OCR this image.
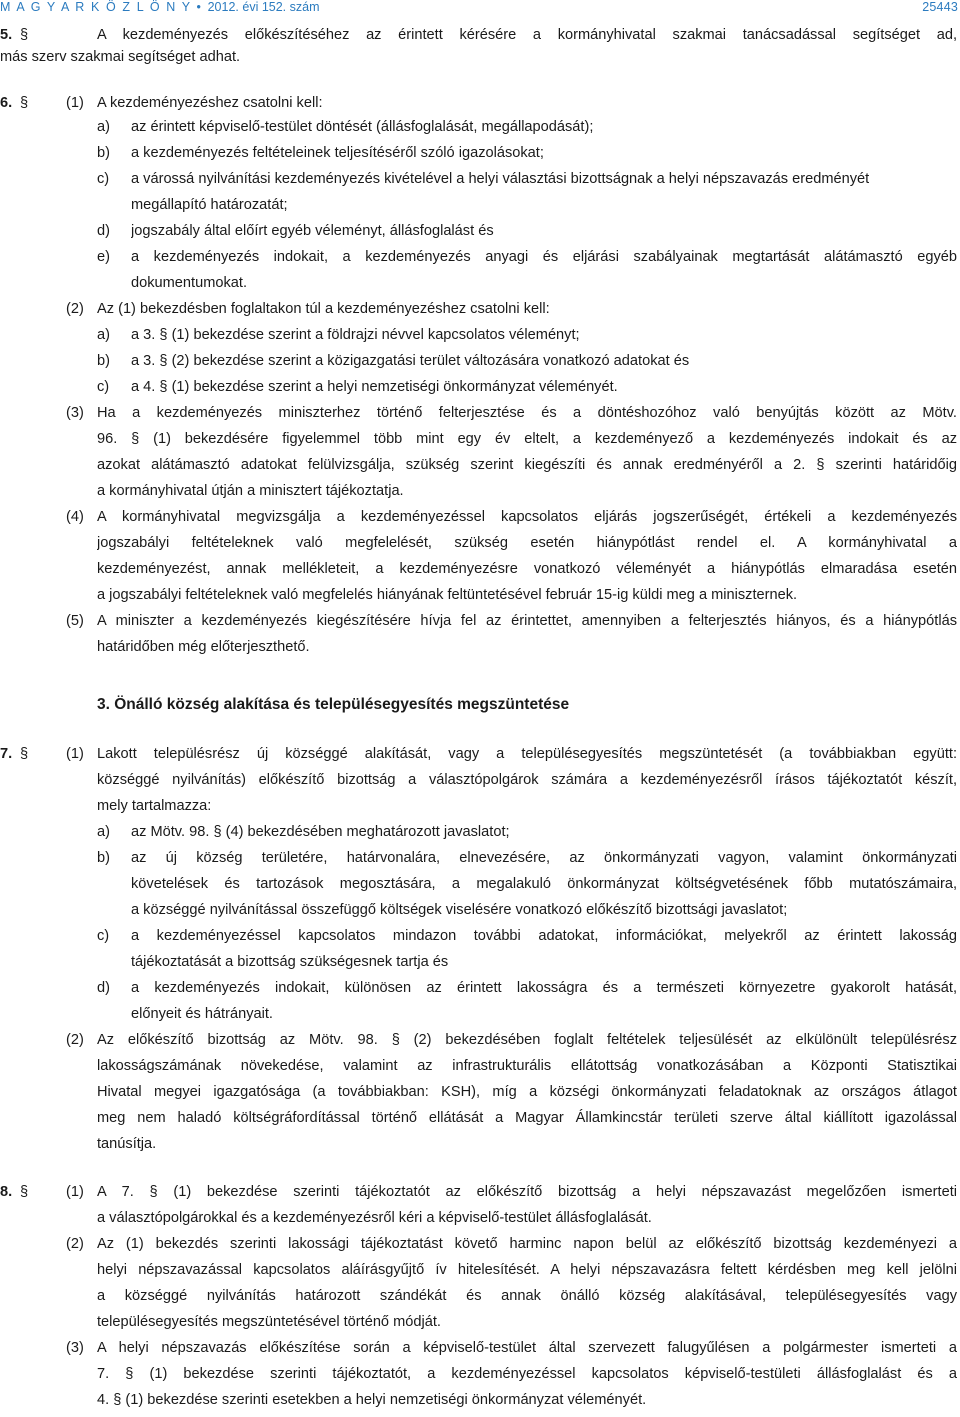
M A G Y A R K Ö Z L Ö N Y • 2012. évi 152. szám	25443
5. §	A kezdeményezés előkészítéséhez az érintett kérésére a kormányhivatal szakmai tanácsadással segítséget ad,
más szerv szakmai segítséget adhat.
6. §	(1) A kezdeményezéshez csatolni kell:
a) az érintett képviselő-testület döntését (állásfoglalását, megállapodását);
b) a kezdeményezés feltételeinek teljesítéséről szóló igazolásokat;
c) a várossá nyilvánítási kezdeményezés kivételével a helyi választási bizottságnak a helyi népszavazás eredményét
megállapító határozatát;
d) jogszabály által előírt egyéb véleményt, állásfoglalást és
e) a kezdeményezés indokait, a kezdeményezés anyagi és eljárási szabályainak megtartását alátámasztó egyéb
dokumentumokat.
(2) Az (1) bekezdésben foglaltakon túl a kezdeményezéshez csatolni kell:
a) a 3. § (1) bekezdése szerint a földrajzi névvel kapcsolatos véleményt;
b) a 3. § (2) bekezdése szerint a közigazgatási terület változására vonatkozó adatokat és
c) a 4. § (1) bekezdése szerint a helyi nemzetiségi önkormányzat véleményét.
(3) Ha a kezdeményezés miniszterhez történő felterjesztése és a döntéshozóhoz való benyújtás között az Mötv.
96. § (1) bekezdésére figyelemmel több mint egy év eltelt, a kezdeményező a kezdeményezés indokait és az
azokat alátámasztó adatokat felülvizsgálja, szükség szerint kiegészíti és annak eredményéről a 2. § szerinti határidőig
a kormányhivatal útján a minisztert tájékoztatja.
(4) A kormányhivatal megvizsgálja a kezdeményezéssel kapcsolatos eljárás jogszerűségét, értékeli a kezdeményezés
jogszabályi feltételeknek való megfelelését, szükség esetén hiánypótlást rendel el. A kormányhivatal a
kezdeményezést, annak mellékleteit, a kezdeményezésre vonatkozó véleményét a hiánypótlás elmaradása esetén
a jogszabályi feltételeknek való megfelelés hiányának feltüntetésével február 15-ig küldi meg a miniszternek.
(5) A miniszter a kezdeményezés kiegészítésére hívja fel az érintettet, amennyiben a felterjesztés hiányos, és a hiánypótlás
határidőben még előterjeszthető.
3. Önálló község alakítása és településegyesítés megszüntetése
7. §	(1) Lakott településrész új községgé alakítását, vagy a településegyesítés megszüntetését (a továbbiakban együtt:
községgé nyilvánítás) előkészítő bizottság a választópolgárok számára a kezdeményezésről írásos tájékoztatót készít,
mely tartalmazza:
a) az Mötv. 98. § (4) bekezdésében meghatározott javaslatot;
b) az új község területére, határvonalára, elnevezésére, az önkormányzati vagyon, valamint önkormányzati
követelések és tartozások megosztására, a megalakuló önkormányzat költségvetésének főbb mutatószámaira,
a községgé nyilvánítással összefüggő költségek viselésére vonatkozó előkészítő bizottsági javaslatot;
c) a kezdeményezéssel kapcsolatos mindazon további adatokat, információkat, melyekről az érintett lakosság
tájékoztatását a bizottság szükségesnek tartja és
d) a kezdeményezés indokait, különösen az érintett lakosságra és a természeti környezetre gyakorolt hatását,
előnyeit és hátrányait.
(2) Az előkészítő bizottság az Mötv. 98. § (2) bekezdésében foglalt feltételek teljesülését az elkülönült településrész
lakosságszámának növekedése, valamint az infrastrukturális ellátottság vonatkozásában a Központi Statisztikai
Hivatal megyei igazgatósága (a továbbiakban: KSH), míg a községi önkormányzati feladatoknak az országos átlagot
meg nem haladó költségráfordítással történő ellátását a Magyar Államkincstár területi szerve által kiállított igazolással
tanúsítja.
8. §	(1) A 7. § (1) bekezdése szerinti tájékoztatót az előkészítő bizottság a helyi népszavazást megelőzően ismerteti
a választópolgárokkal és a kezdeményezésről kéri a képviselő-testület állásfoglalását.
(2) Az (1) bekezdés szerinti lakossági tájékoztatást követő harminc napon belül az előkészítő bizottság kezdeményezi a
helyi népszavazással kapcsolatos aláírásgyűjtő ív hitelesítését. A helyi népszavazásra feltett kérdésben meg kell jelölni
a községgé nyilvánítás határozott szándékát és annak önálló község alakításával, településegyesítés vagy
településegyesítés megszüntetésével történő módját.
(3) A helyi népszavazás előkészítése során a képviselő-testület által szervezett falugyűlésen a polgármester ismerteti a
7. § (1) bekezdése szerinti tájékoztatót, a kezdeményezéssel kapcsolatos képviselő-testületi állásfoglalást és a
4. § (1) bekezdése szerinti esetekben a helyi nemzetiségi önkormányzat véleményét.
